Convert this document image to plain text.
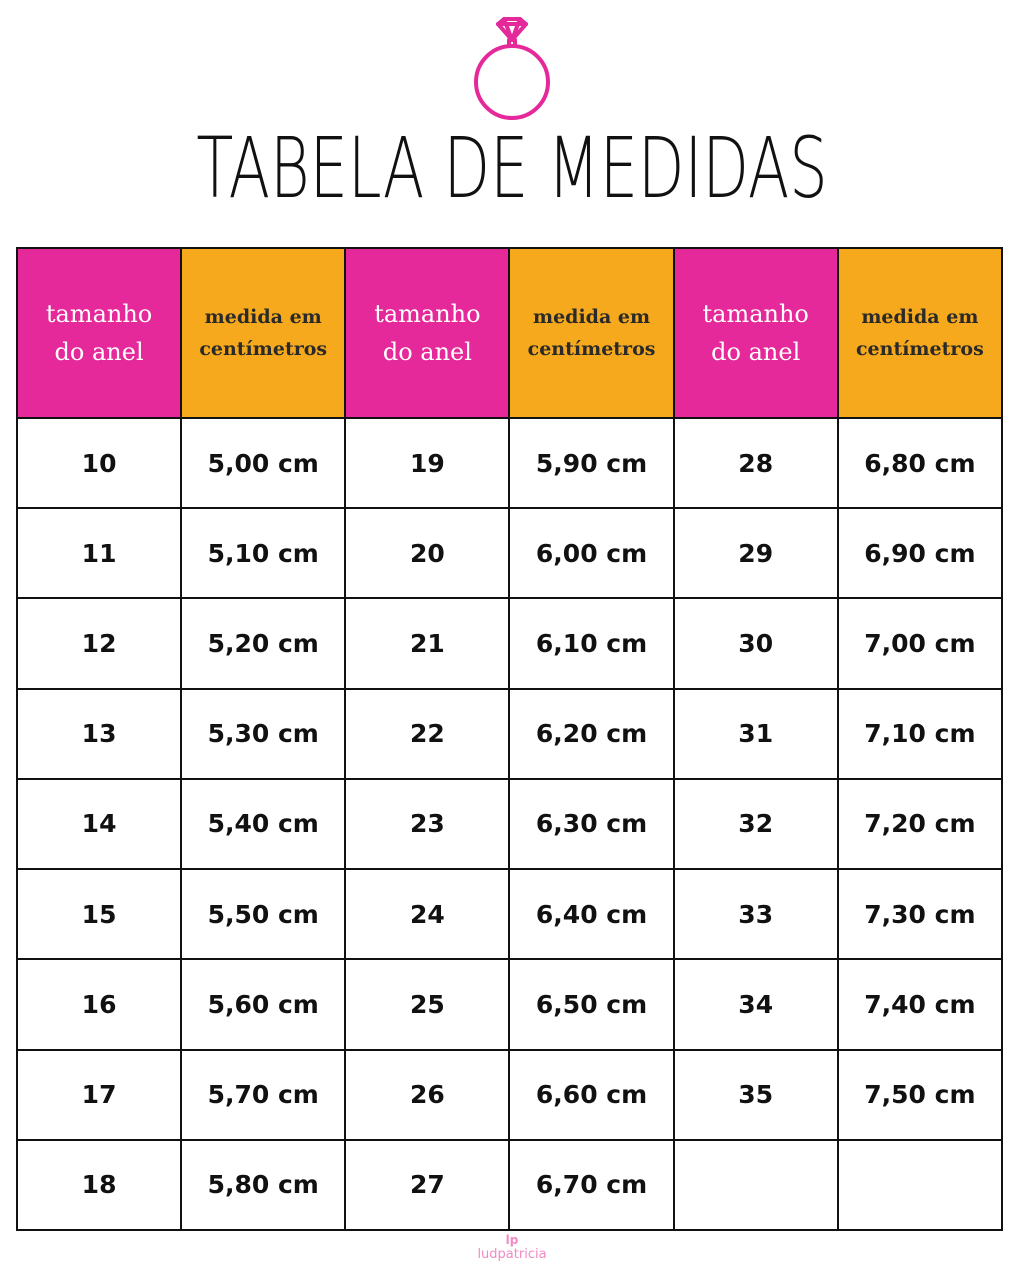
TABELA DE MEDIDAS
tamanho
do anel	medida em
centímetros	tamanho
do anel	medida em
centímetros	tamanho
do anel	medida em
centímetros

10	5,00 cm	19	5,90 cm	28	6,80 cm
11	5,10 cm	20	6,00 cm	29	6,90 cm
12	5,20 cm	21	6,10 cm	30	7,00 cm
13	5,30 cm	22	6,20 cm	31	7,10 cm
14	5,40 cm	23	6,30 cm	32	7,20 cm
15	5,50 cm	24	6,40 cm	33	7,30 cm
16	5,60 cm	25	6,50 cm	34	7,40 cm
17	5,70 cm	26	6,60 cm	35	7,50 cm
18	5,80 cm	27	6,70 cm		
lp
ludpatricia
